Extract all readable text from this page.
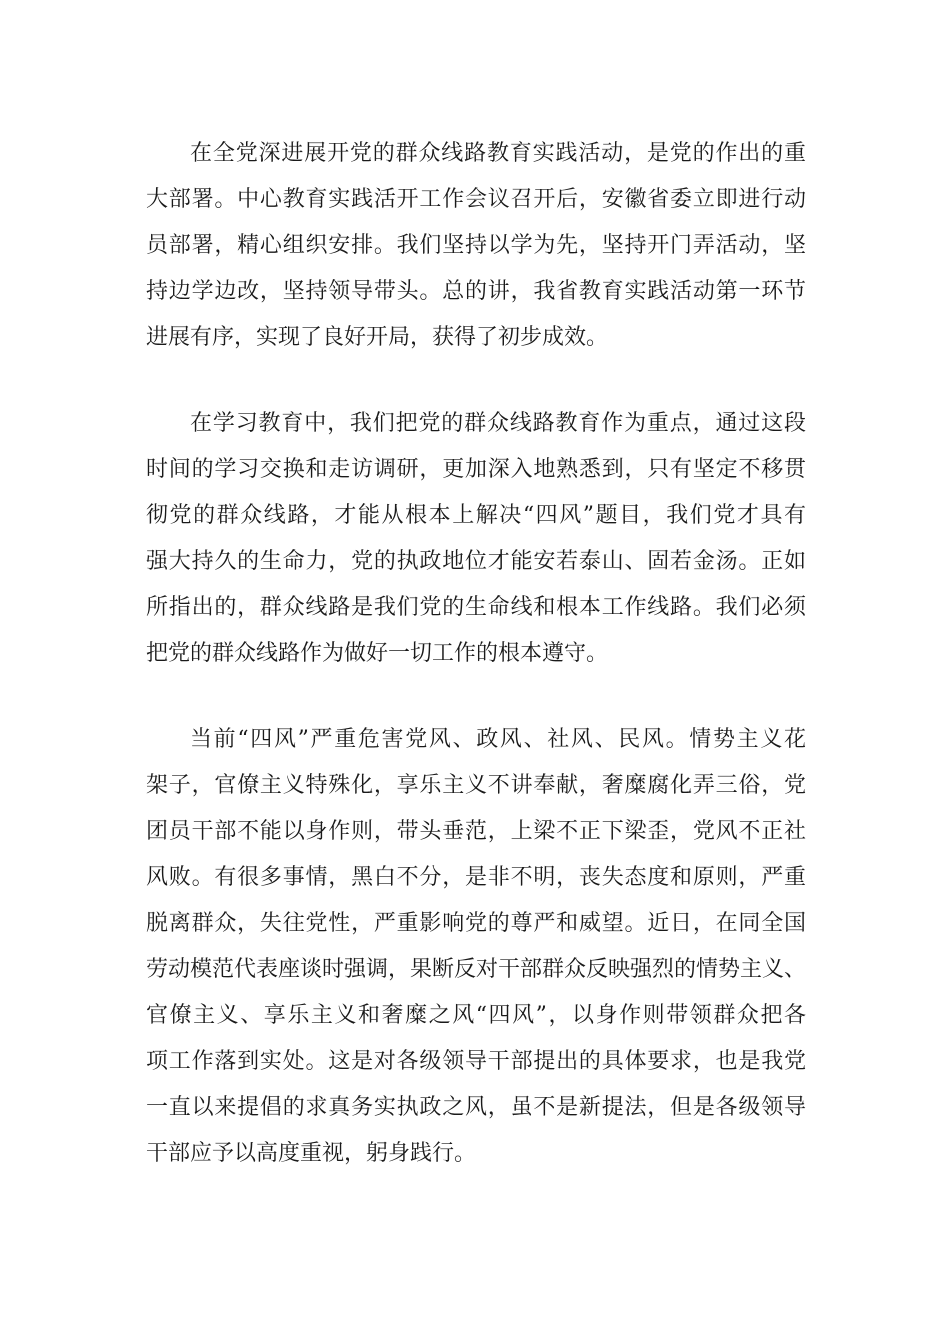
在全党深进展开党的群众线路教育实践活动，是党的作出的重
大部署。中心教育实践活开工作会议召开后，安徽省委立即进行动
员部署，精心组织安排。我们坚持以学为先，坚持开门弄活动，坚
持边学边改，坚持领导带头。总的讲，我省教育实践活动第一环节
进展有序，实现了良好开局，获得了初步成效。
在学习教育中，我们把党的群众线路教育作为重点，通过这段
时间的学习交换和走访调研，更加深入地熟悉到，只有坚定不移贯
彻党的群众线路，才能从根本上解决“四风”题目，我们党才具有
强大持久的生命力，党的执政地位才能安若泰山、固若金汤。正如
所指出的，群众线路是我们党的生命线和根本工作线路。我们必须
把党的群众线路作为做好一切工作的根本遵守。
当前“四风”严重危害党风、政风、社风、民风。情势主义花
架子，官僚主义特殊化，享乐主义不讲奉献，奢糜腐化弄三俗，党
团员干部不能以身作则，带头垂范，上梁不正下梁歪，党风不正社
风败。有很多事情，黑白不分，是非不明，丧失态度和原则，严重
脱离群众，失往党性，严重影响党的尊严和威望。近日，在同全国
劳动模范代表座谈时强调，果断反对干部群众反映强烈的情势主义、
官僚主义、享乐主义和奢糜之风“四风”，以身作则带领群众把各
项工作落到实处。这是对各级领导干部提出的具体要求，也是我党
一直以来提倡的求真务实执政之风，虽不是新提法，但是各级领导
干部应予以高度重视，躬身践行。
